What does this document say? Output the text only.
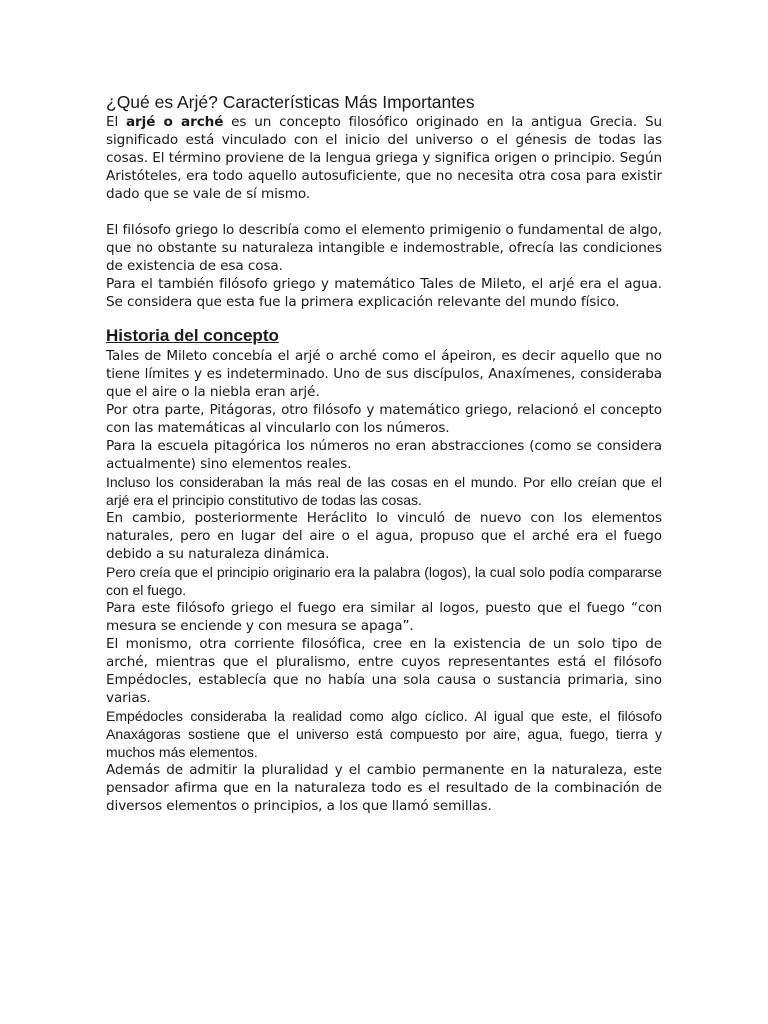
¿Qué es Arjé? Características Más Importantes

El arjé o arché es un concepto filosófico originado en la antigua Grecia. Su significado está vinculado con el inicio del universo o el génesis de todas las cosas. El término proviene de la lengua griega y significa origen o principio. Según Aristóteles, era todo aquello autosuficiente, que no necesita otra cosa para existir dado que se vale de sí mismo.

El filósofo griego lo describía como el elemento primigenio o fundamental de algo, que no obstante su naturaleza intangible e indemostrable, ofrecía las condiciones de existencia de esa cosa.

Para el también filósofo griego y matemático Tales de Mileto, el arjé era el agua. Se considera que esta fue la primera explicación relevante del mundo físico.

Historia del concepto

Tales de Mileto concebía el arjé o arché como el ápeiron, es decir aquello que no tiene límites y es indeterminado. Uno de sus discípulos, Anaxímenes, consideraba que el aire o la niebla eran arjé.

Por otra parte, Pitágoras, otro filósofo y matemático griego, relacionó el concepto con las matemáticas al vincularlo con los números.

Para la escuela pitagórica los números no eran abstracciones (como se considera actualmente) sino elementos reales.

Incluso los consideraban la más real de las cosas en el mundo. Por ello creían que el arjé era el principio constitutivo de todas las cosas.

En cambio, posteriormente Heráclito lo vinculó de nuevo con los elementos naturales, pero en lugar del aire o el agua, propuso que el arché era el fuego debido a su naturaleza dinámica.

Pero creía que el principio originario era la palabra (logos), la cual solo podía compararse con el fuego.

Para este filósofo griego el fuego era similar al logos, puesto que el fuego “con mesura se enciende y con mesura se apaga”.

El monismo, otra corriente filosófica, cree en la existencia de un solo tipo de arché, mientras que el pluralismo, entre cuyos representantes está el filósofo Empédocles, establecía que no había una sola causa o sustancia primaria, sino varias.

Empédocles consideraba la realidad como algo cíclico. Al igual que este, el filósofo Anaxágoras sostiene que el universo está compuesto por aire, agua, fuego, tierra y muchos más elementos.

Además de admitir la pluralidad y el cambio permanente en la naturaleza, este pensador afirma que en la naturaleza todo es el resultado de la combinación de diversos elementos o principios, a los que llamó semillas.
